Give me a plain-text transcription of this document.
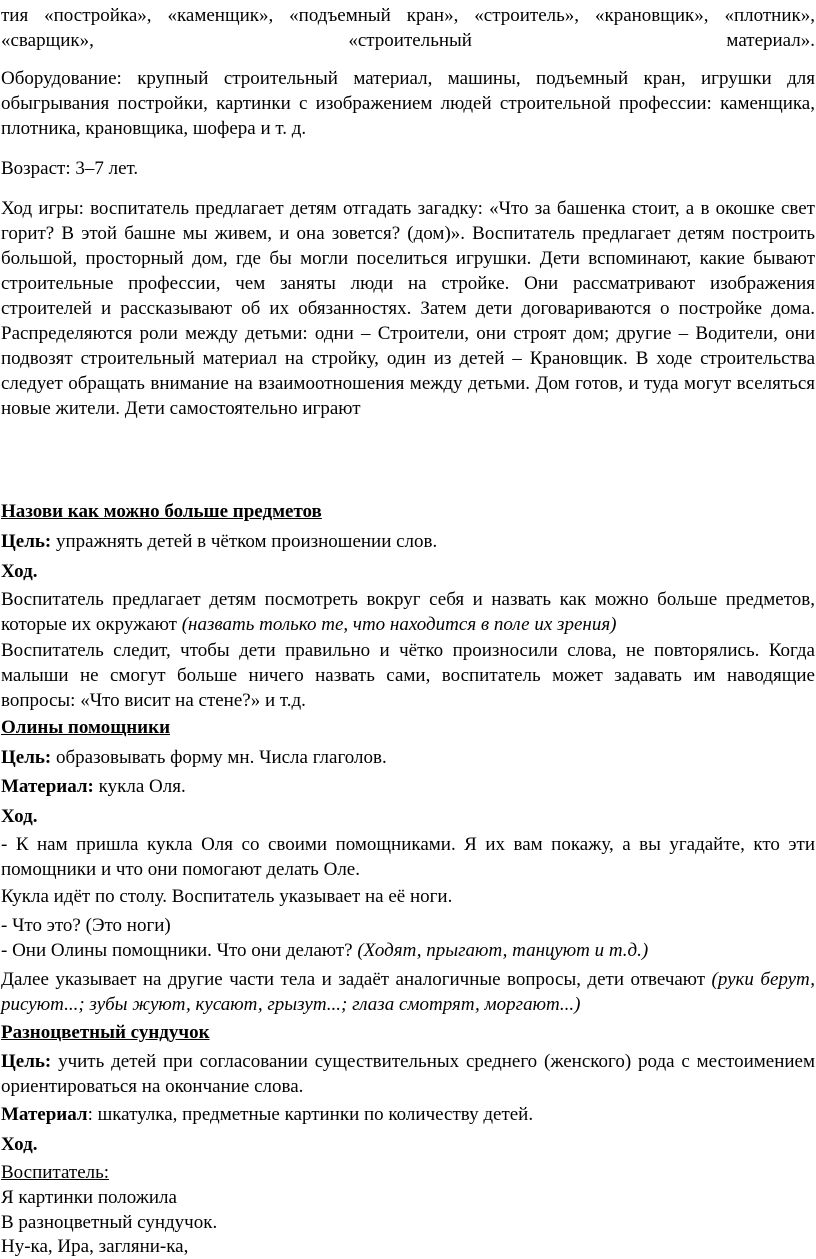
тия «постройка», «каменщик», «подъемный кран», «строитель», «крановщик», «плотник»,
«сварщик», «строительный материал».
Оборудование: крупный строительный материал, машины, подъемный кран, игрушки для обыгрывания постройки, картинки с изображением людей строительной профессии: каменщика, плотника, крановщика, шофера и т. д.
Возраст: 3–7 лет.
Ход игры: воспитатель предлагает детям отгадать загадку: «Что за башенка стоит, а в окошке свет горит? В этой башне мы живем, и она зовется? (дом)». Воспитатель предлагает детям построить большой, просторный дом, где бы могли поселиться игрушки. Дети вспоминают, какие бывают строительные профессии, чем заняты люди на стройке. Они рассматривают изображения строителей и рассказывают об их обязанностях. Затем дети договариваются о постройке дома. Распределяются роли между детьми: одни – Строители, они строят дом; другие – Водители, они подвозят строительный материал на стройку, один из детей – Крановщик. В ходе строительства следует обращать внимание на взаимоотношения между детьми. Дом готов, и туда могут вселяться новые жители. Дети самостоятельно играют
Назови как можно больше предметов
Цель: упражнять детей в чётком произношении слов.
Ход.
Воспитатель предлагает детям посмотреть вокруг себя и назвать как можно больше предметов, которые их окружают (назвать только те, что находится в поле их зрения)
Воспитатель следит, чтобы дети правильно и чётко произносили слова, не повторялись. Когда малыши не смогут больше ничего назвать сами, воспитатель может задавать им наводящие вопросы: «Что висит на стене?» и т.д.
Олины помощники
Цель: образовывать форму мн. Числа глаголов.
Материал: кукла Оля.
Ход.
- К нам пришла кукла Оля со своими помощниками. Я их вам покажу, а вы угадайте, кто эти помощники и что они помогают делать Оле.
Кукла идёт по столу. Воспитатель указывает на её ноги.
- Что это? (Это ноги)
- Они Олины помощники. Что они делают? (Ходят, прыгают, танцуют и т.д.)
Далее указывает на другие части тела и задаёт аналогичные вопросы, дети отвечают (руки берут, рисуют...; зубы жуют, кусают, грызут...; глаза смотрят, моргают...)
Разноцветный сундучок
Цель: учить детей при согласовании существительных среднего (женского) рода с местоимением ориентироваться на окончание слова.
Материал: шкатулка, предметные картинки по количеству детей.
Ход.
Воспитатель:
Я картинки положила
В разноцветный сундучок.
Ну-ка, Ира, загляни-ка,
